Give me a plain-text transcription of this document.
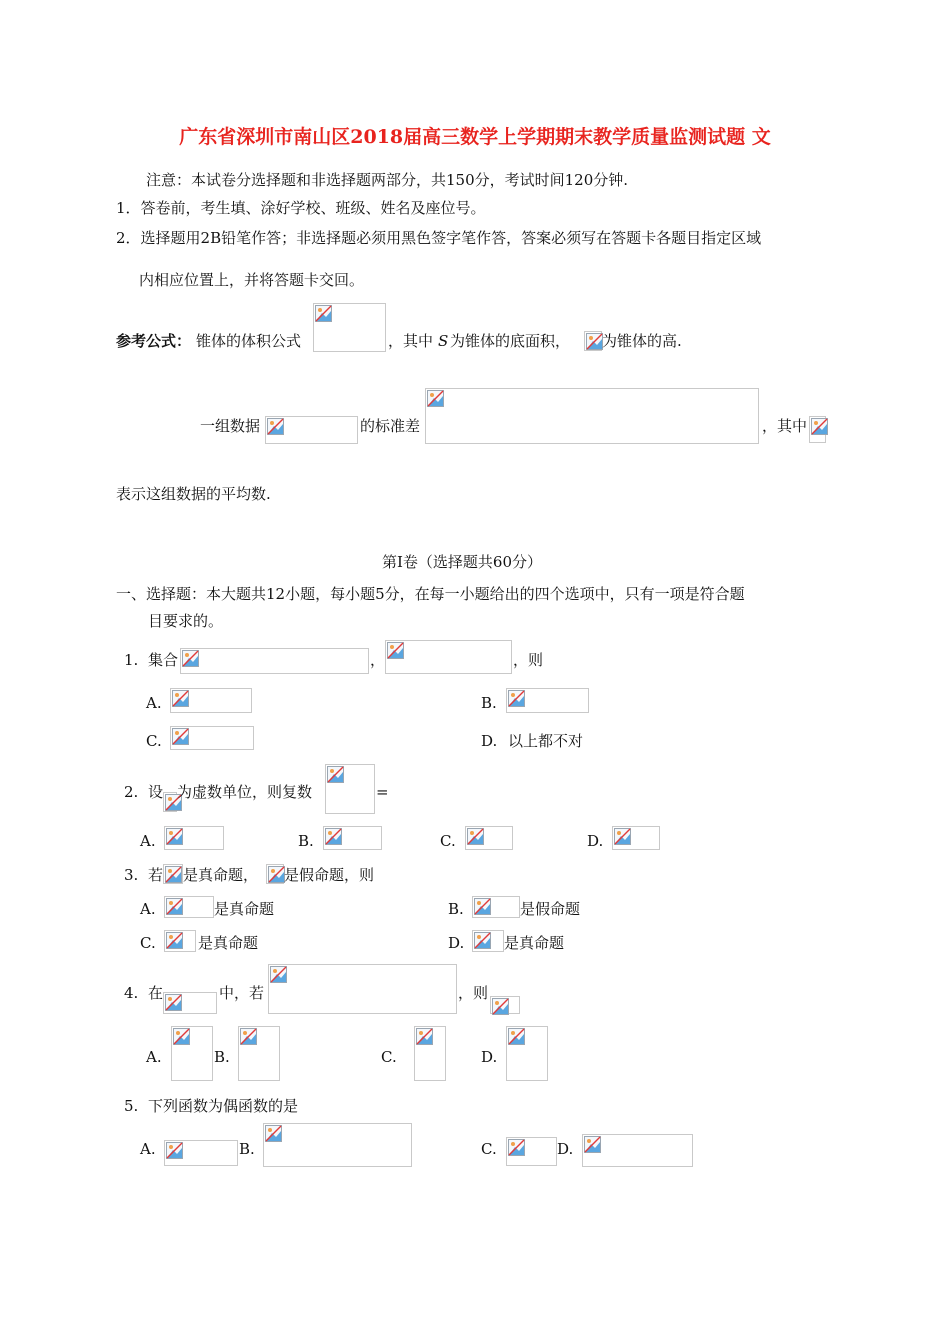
广东省深圳市南山区2018届高三数学上学期期末教学质量监测试题 文
注意：本试卷分选择题和非选择题两部分，共150分，考试时间120分钟.
1．答卷前，考生填、涂好学校、班级、姓名及座位号。
2．选择题用2B铅笔作答；非选择题必须用黑色签字笔作答，答案必须写在答题卡各题目指定区域
内相应位置上，并将答题卡交回。
参考公式： 锥体的体积公式	，其中 S 为锥体的底面积， 为锥体的高.
一组数据	的标准差	，其中
表示这组数据的平均数.
第Ⅰ卷（选择题共60分）
一、选择题：本大题共12小题，每小题5分，在每一小题给出的四个选项中，只有一项是符合题
目要求的。
1. 集合	，	，则
A.	B.
C.	D. 以上都不对
2. 设 为虚数单位，则复数	=
A.	B.	C.	D.
3. 若 是真命题， 是假命题，则
A.	是真命题	B.	是假命题
C.	是真命题	D.	是真命题
4. 在	中，若	，则
A.	B.	C.	D.
5. 下列函数为偶函数的是
A.	B.	C.	D.
